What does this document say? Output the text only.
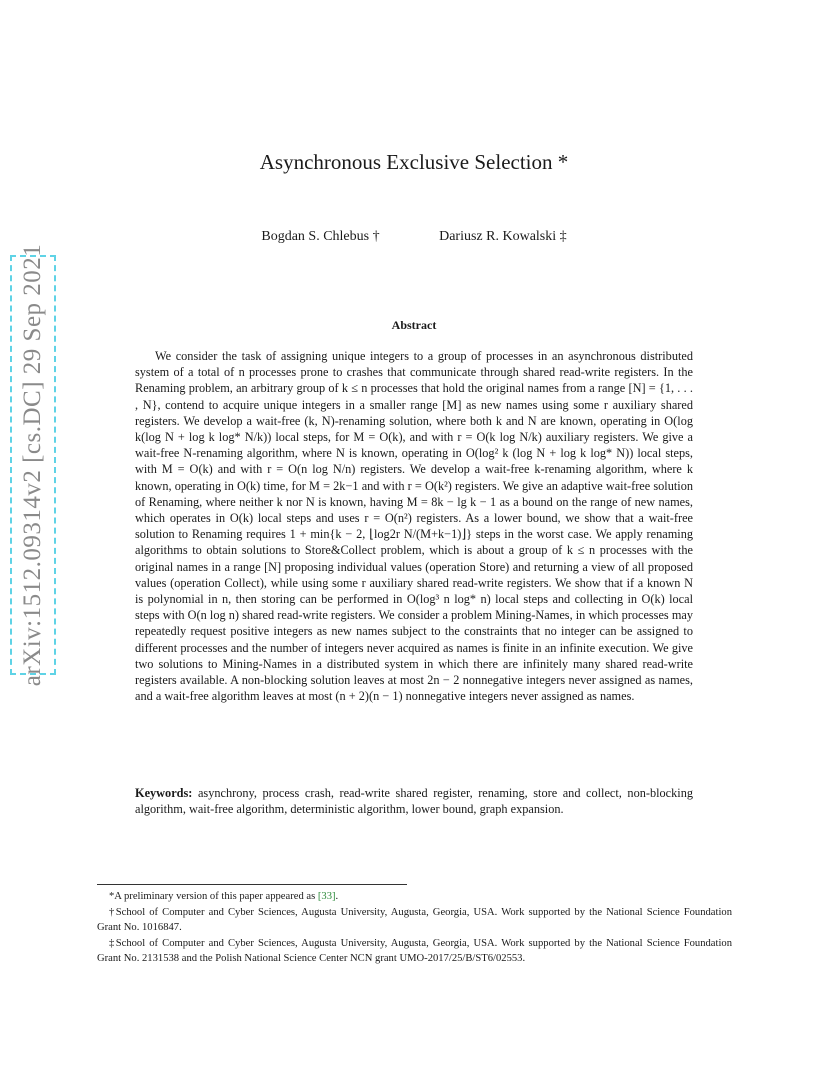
arXiv:1512.09314v2 [cs.DC] 29 Sep 2021
Asynchronous Exclusive Selection *
Bogdan S. Chlebus †	Dariusz R. Kowalski ‡
Abstract

We consider the task of assigning unique integers to a group of processes in an asynchronous distributed system of a total of n processes prone to crashes that communicate through shared read-write registers. In the Renaming problem, an arbitrary group of k ≤ n processes that hold the original names from a range [N] = {1, . . . , N}, contend to acquire unique integers in a smaller range [M] as new names using some r auxiliary shared registers. We develop a wait-free (k, N)-renaming solution, where both k and N are known, operating in O(log k(log N + log k log* N/k)) local steps, for M = O(k), and with r = O(k log N/k) auxiliary registers. We give a wait-free N-renaming algorithm, where N is known, operating in O(log² k (log N + log k log* N)) local steps, with M = O(k) and with r = O(n log N/n) registers. We develop a wait-free k-renaming algorithm, where k known, operating in O(k) time, for M = 2k−1 and with r = O(k²) registers. We give an adaptive wait-free solution of Renaming, where neither k nor N is known, having M = 8k − lg k − 1 as a bound on the range of new names, which operates in O(k) local steps and uses r = O(n²) registers. As a lower bound, we show that a wait-free solution to Renaming requires 1 + min{k − 2, ⌊log2r N/(M+k−1)⌋} steps in the worst case. We apply renaming algorithms to obtain solutions to Store&Collect problem, which is about a group of k ≤ n processes with the original names in a range [N] proposing individual values (operation Store) and returning a view of all proposed values (operation Collect), while using some r auxiliary shared read-write registers. We show that if a known N is polynomial in n, then storing can be performed in O(log³ n log* n) local steps and collecting in O(k) local steps with O(n log n) shared read-write registers. We consider a problem Mining-Names, in which processes may repeatedly request positive integers as new names subject to the constraints that no integer can be assigned to different processes and the number of integers never acquired as names is finite in an infinite execution. We give two solutions to Mining-Names in a distributed system in which there are infinitely many shared read-write registers available. A non-blocking solution leaves at most 2n − 2 nonnegative integers never assigned as names, and a wait-free algorithm leaves at most (n + 2)(n − 1) nonnegative integers never assigned as names.

Keywords: asynchrony, process crash, read-write shared register, renaming, store and collect, non-blocking algorithm, wait-free algorithm, deterministic algorithm, lower bound, graph expansion.

*A preliminary version of this paper appeared as [33].

†School of Computer and Cyber Sciences, Augusta University, Augusta, Georgia, USA. Work supported by the National Science Foundation Grant No. 1016847.

‡School of Computer and Cyber Sciences, Augusta University, Augusta, Georgia, USA. Work supported by the National Science Foundation Grant No. 2131538 and the Polish National Science Center NCN grant UMO-2017/25/B/ST6/02553.
